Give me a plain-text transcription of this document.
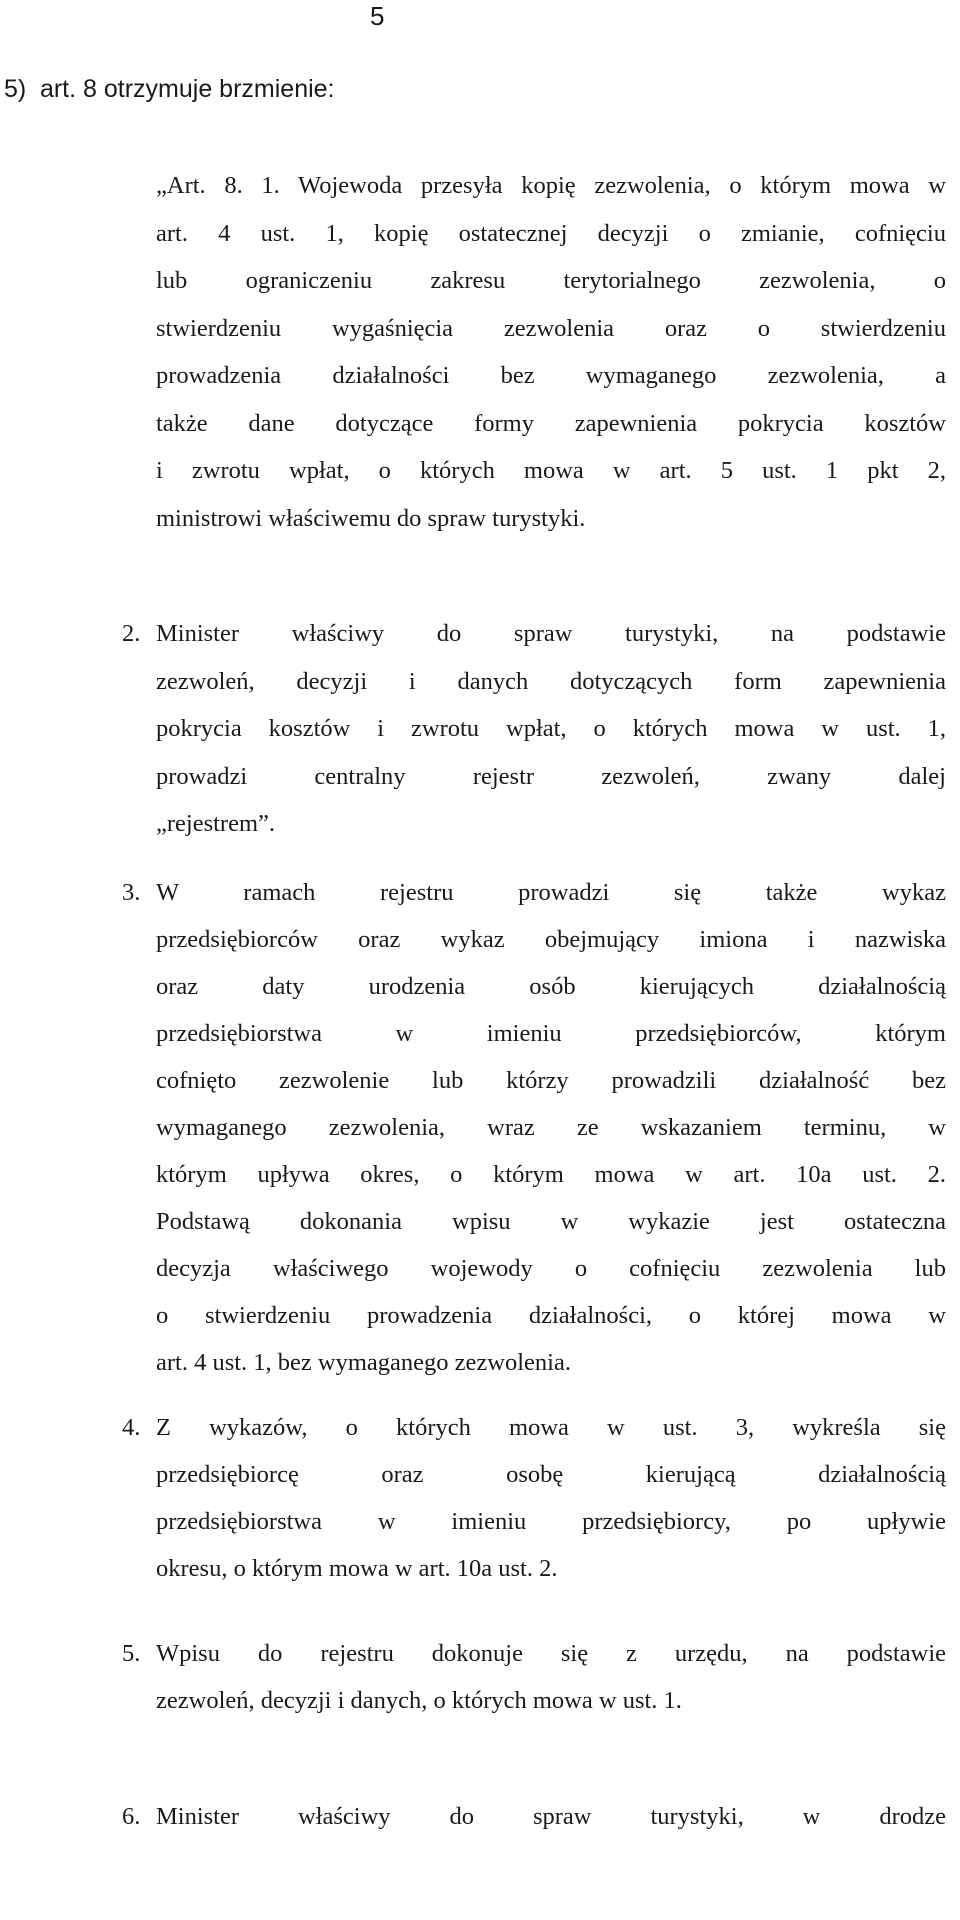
5
5) art. 8 otrzymuje brzmienie:
„Art. 8. 1. Wojewoda przesyła kopię zezwolenia, o którym mowa w
art. 4 ust. 1, kopię ostatecznej decyzji o zmianie, cofnięciu
lub ograniczeniu zakresu terytorialnego zezwolenia, o
stwierdzeniu wygaśnięcia zezwolenia oraz o stwierdzeniu
prowadzenia działalności bez wymaganego zezwolenia, a
także dane dotyczące formy zapewnienia pokrycia kosztów
i zwrotu wpłat, o których mowa w art. 5 ust. 1 pkt 2,
ministrowi właściwemu do spraw turystyki.
2. Minister właściwy do spraw turystyki, na podstawie
zezwoleń, decyzji i danych dotyczących form zapewnienia
pokrycia kosztów i zwrotu wpłat, o których mowa w ust. 1,
prowadzi centralny rejestr zezwoleń, zwany dalej
„rejestrem”.
3. W ramach rejestru prowadzi się także wykaz
przedsiębiorców oraz wykaz obejmujący imiona i nazwiska
oraz daty urodzenia osób kierujących działalnością
przedsiębiorstwa w imieniu przedsiębiorców, którym
cofnięto zezwolenie lub którzy prowadzili działalność bez
wymaganego zezwolenia, wraz ze wskazaniem terminu, w
którym upływa okres, o którym mowa w art. 10a ust. 2.
Podstawą dokonania wpisu w wykazie jest ostateczna
decyzja właściwego wojewody o cofnięciu zezwolenia lub
o stwierdzeniu prowadzenia działalności, o której mowa w
art. 4 ust. 1, bez wymaganego zezwolenia.
4. Z wykazów, o których mowa w ust. 3, wykreśla się
przedsiębiorcę oraz osobę kierującą działalnością
przedsiębiorstwa w imieniu przedsiębiorcy, po upływie
okresu, o którym mowa w art. 10a ust. 2.
5. Wpisu do rejestru dokonuje się z urzędu, na podstawie
zezwoleń, decyzji i danych, o których mowa w ust. 1.
6. Minister właściwy do spraw turystyki, w drodze
